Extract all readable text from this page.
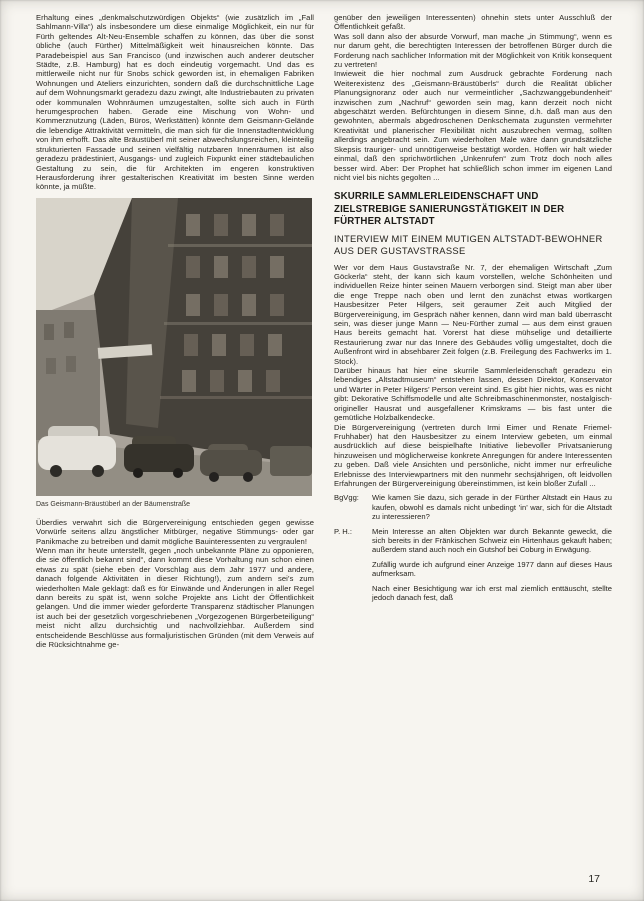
Erhaltung eines „denkmalschutzwürdigen Objekts“ (wie zusätzlich im „Fall Sahlmann-Villa“) als insbesondere um diese einmalige Möglichkeit, ein nur für Fürth geltendes Alt-Neu-Ensemble schaffen zu können, das über die sonst übliche (auch Fürther) Mittelmäßigkeit weit hinausreichen könnte. Das Paradebeispiel aus San Francisco (und inzwischen auch anderer deutscher Städte, z.B. Hamburg) hat es doch eindeutig vorgemacht. Und das es mittlerweile nicht nur für Snobs schick geworden ist, in ehemaligen Fabriken Wohnungen und Ateliers einzurichten, sondern daß die durchschnittliche Lage auf dem Wohnungsmarkt geradezu dazu zwingt, alte Industriebauten zu privaten oder kommunalen Wohnräumen umzugestalten, sollte sich auch in Fürth herumgesprochen haben. Gerade eine Mischung von Wohn- und Kommerznutzung (Läden, Büros, Werkstätten) könnte dem Geismann-Gelände die lebendige Attraktivität vermitteln, die man sich für die Innenstadtentwicklung von ihm erhofft. Das alte Bräustüberl mit seiner abwechslungsreichen, kleinteilig strukturierten Fassade und seinen vielfältig nutzbaren Innenräumen ist also geradezu prädestiniert, Ausgangs- und zugleich Fixpunkt einer städtebaulichen Gestaltung zu sein, die für Architekten im engeren konstruktiven Herausforderung ihrer gestalterischen Kreativität im besten Sinne werden könnte, ja müßte.

Das Geismann-Bräustüberl an der Bäumenstraße

Überdies verwahrt sich die Bürgervereinigung entschieden gegen gewisse Vorwürfe seitens allzu ängstlicher Mitbürger, negative Stimmungs- oder gar Panikmache zu betreiben und damit mögliche Bauinteressenten zu vergraulen!

Wenn man ihr heute unterstellt, gegen „noch unbekannte Pläne zu opponieren, die sie öffentlich bekannt sind“, dann kommt diese Vorhaltung nun schon einen etwas zu spät (siehe eben der Vorschlag aus dem Jahr 1977 und andere, danach folgende Aktivitäten in dieser Richtung!), zum andern sei’s zum wiederholten Male geklagt: daß es für Einwände und Änderungen in aller Regel dann bereits zu spät ist, wenn solche Projekte ans Licht der Öffentlichkeit gelangen. Und die immer wieder geforderte Transparenz städtischer Planungen ist auch bei der gesetzlich vorgeschriebenen „Vorgezogenen Bürgerbeteiligung“ meist nicht allzu durchsichtig und nachvollziehbar. Außerdem sind entscheidende Beschlüsse aus formaljuristischen Gründen (mit dem Verweis auf die Rücksichtnahme ge-

genüber den jeweiligen Interessenten) ohnehin stets unter Ausschluß der Öffentlichkeit gefaßt.

Was soll dann also der absurde Vorwurf, man mache „in Stimmung“, wenn es nur darum geht, die berechtigten Interessen der betroffenen Bürger durch die Forderung nach sachlicher Information mit der Möglichkeit von Kritik konsequent zu vertreten!

Inwieweit die hier nochmal zum Ausdruck gebrachte Forderung nach Weiterexistenz des „Geismann-Bräustüberls“ durch die Realität üblicher Planungsignoranz oder auch nur vermeintlicher „Sachzwanggebundenheit“ inzwischen zum „Nachruf“ geworden sein mag, kann derzeit noch nicht abgeschätzt werden. Befürchtungen in diesem Sinne, d.h. daß man aus den gewohnten, abermals abgedroschenen Denkschemata zugunsten vermehrter Kreativität und planerischer Flexibilität nicht auszubrechen vermag, sollten allerdings angebracht sein. Zum wiederholten Male wäre dann grundsätzliche Skepsis trauriger- und unnötigerweise bestätigt worden. Hoffen wir halt wieder einmal, daß den sprichwörtlichen „Unkenrufen“ zum Trotz doch noch alles besser wird. Aber: Der Prophet hat schließlich schon immer im eigenen Land nicht viel bis nichts gegolten ...

SKURRILE SAMMLERLEIDENSCHAFT UND ZIELSTREBIGE SANIERUNGSTÄTIGKEIT IN DER FÜRTHER ALTSTADT
INTERVIEW MIT EINEM MUTIGEN ALTSTADT-BEWOHNER AUS DER GUSTAVSTRASSE

Wer vor dem Haus Gustavstraße Nr. 7, der ehemaligen Wirtschaft „Zum Göckerla“ steht, der kann sich kaum vorstellen, welche Schönheiten und individuellen Reize hinter seinen Mauern verborgen sind. Steigt man aber über die enge Treppe nach oben und lernt den zunächst etwas wortkargen Hausbesitzer Peter Hilgers, seit geraumer Zeit auch Mitglied der Bürgervereinigung, im Gespräch näher kennen, dann wird man bald überrascht sein, was dieser junge Mann — Neu-Fürther zumal — aus dem einst grauen Haus bereits gemacht hat. Vorerst hat diese mühselige und detaillierte Restaurierung zwar nur das Innere des Gebäudes völlig umgestaltet, doch die Außenfront wird in absehbarer Zeit folgen (z.B. Freilegung des Fachwerks im 1. Stock).

Darüber hinaus hat hier eine skurrile Sammlerleidenschaft geradezu ein lebendiges „Altstadtmuseum“ entstehen lassen, dessen Direktor, Konservator und Wärter in Peter Hilgers’ Person vereint sind. Es gibt hier nichts, was es nicht gibt: Dekorative Schiffsmodelle und alte Schreibmaschinenmonster, nostalgisch-origineller Hausrat und ausgefallener Krimskrams — bis fast unter die gemütliche Holzbalkendecke.

Die Bürgervereinigung (vertreten durch Irmi Eimer und Renate Friemel-Fruhhaber) hat den Hausbesitzer zu einem Interview gebeten, um einmal ausdrücklich auf diese beispielhafte Initiative liebevoller Privatsanierung hinzuweisen und möglicherweise konkrete Anregungen für andere Interessenten zu geben. Daß viele Ansichten und persönliche, nicht immer nur erfreuliche Erlebnisse des Interviewpartners mit den nunmehr sechsjährigen, oft leidvollen Erfahrungen der Bürgervereinigung übereinstimmen, ist kein bloßer Zufall ...

BgVgg:	Wie kamen Sie dazu, sich gerade in der Fürther Altstadt ein Haus zu kaufen, obwohl es damals nicht unbedingt ’in’ war, sich für die Altstadt zu interessieren?
P. H.:	Mein Interesse an alten Objekten war durch Bekannte geweckt, die sich bereits in der Fränkischen Schweiz ein Hirtenhaus gekauft haben; außerdem stand auch noch ein Gutshof bei Coburg in Erwägung.
Zufällig wurde ich aufgrund einer Anzeige 1977 dann auf dieses Haus aufmerksam.
Nach einer Besichtigung war ich erst mal ziemlich enttäuscht, stellte jedoch danach fest, daß
17
